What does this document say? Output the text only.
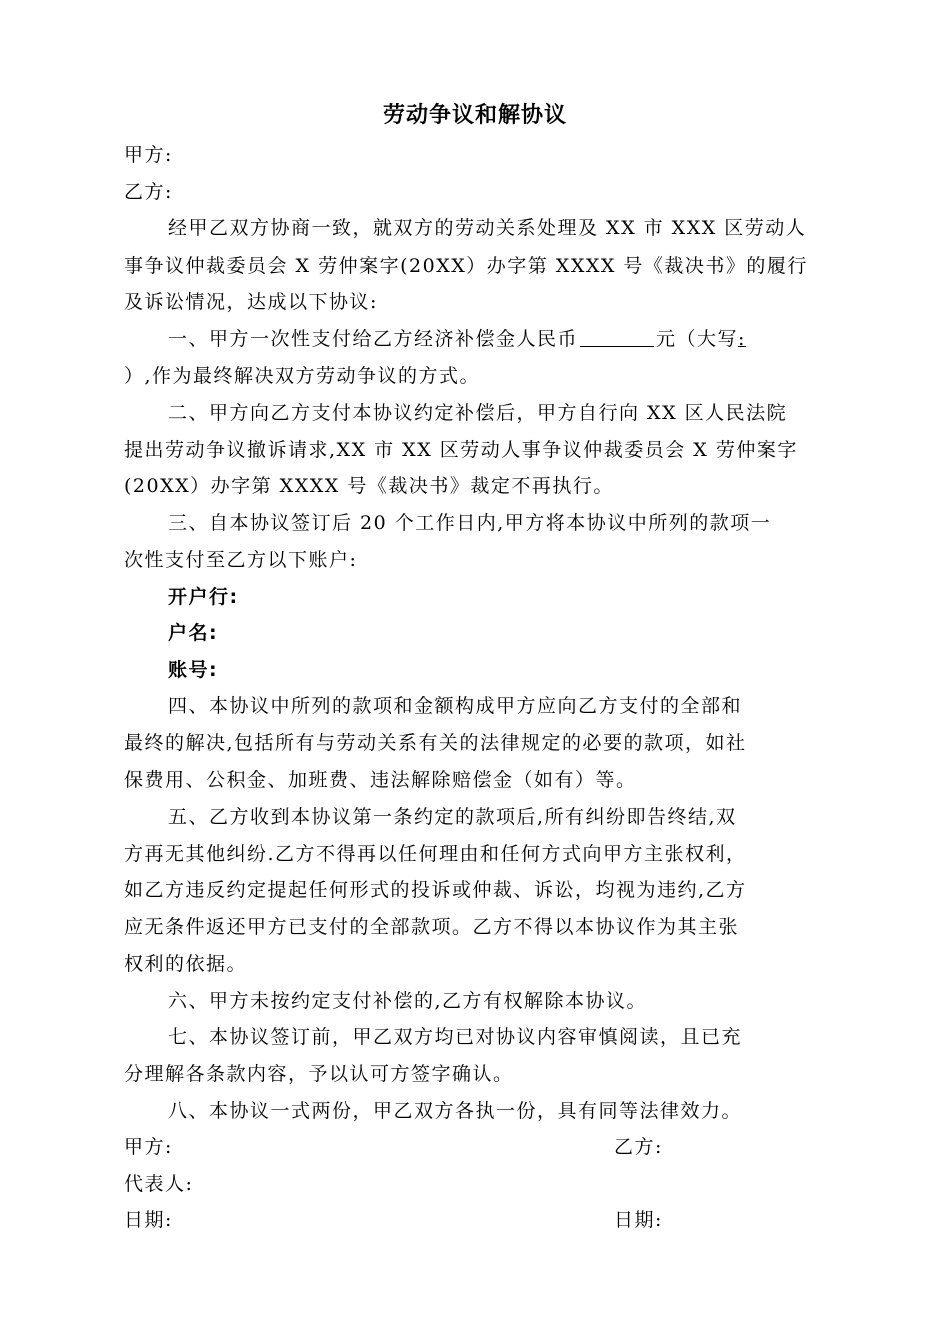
劳动争议和解协议
甲方:
乙方:
经甲乙双方协商一致，就双方的劳动关系处理及 XX 市 XXX 区劳动人
事争议仲裁委员会 X 劳仲案字(20XX）办字第 XXXX 号《裁决书》的履行
及诉讼情况，达成以下协议:
一、甲方一次性支付给乙方经济补偿金人民币	元（大写:
）,作为最终解决双方劳动争议的方式。
二、甲方向乙方支付本协议约定补偿后，甲方自行向 XX 区人民法院
提出劳动争议撤诉请求,XX 市 XX 区劳动人事争议仲裁委员会 X 劳仲案字
(20XX）办字第 XXXX 号《裁决书》裁定不再执行。
三、自本协议签订后 20 个工作日内,甲方将本协议中所列的款项一
次性支付至乙方以下账户:
开户行:
户名:
账号:
四、本协议中所列的款项和金额构成甲方应向乙方支付的全部和
最终的解决,包括所有与劳动关系有关的法律规定的必要的款项，如社
保费用、公积金、加班费、违法解除赔偿金（如有）等。
五、乙方收到本协议第一条约定的款项后,所有纠纷即告终结,双
方再无其他纠纷.乙方不得再以任何理由和任何方式向甲方主张权利，
如乙方违反约定提起任何形式的投诉或仲裁、诉讼，均视为违约,乙方
应无条件返还甲方已支付的全部款项。乙方不得以本协议作为其主张
权利的依据。
六、甲方未按约定支付补偿的,乙方有权解除本协议。
七、本协议签订前，甲乙双方均已对协议内容审慎阅读，且已充
分理解各条款内容，予以认可方签字确认。
八、本协议一式两份，甲乙双方各执一份，具有同等法律效力。
甲方:	乙方:
代表人:
日期:	日期:
